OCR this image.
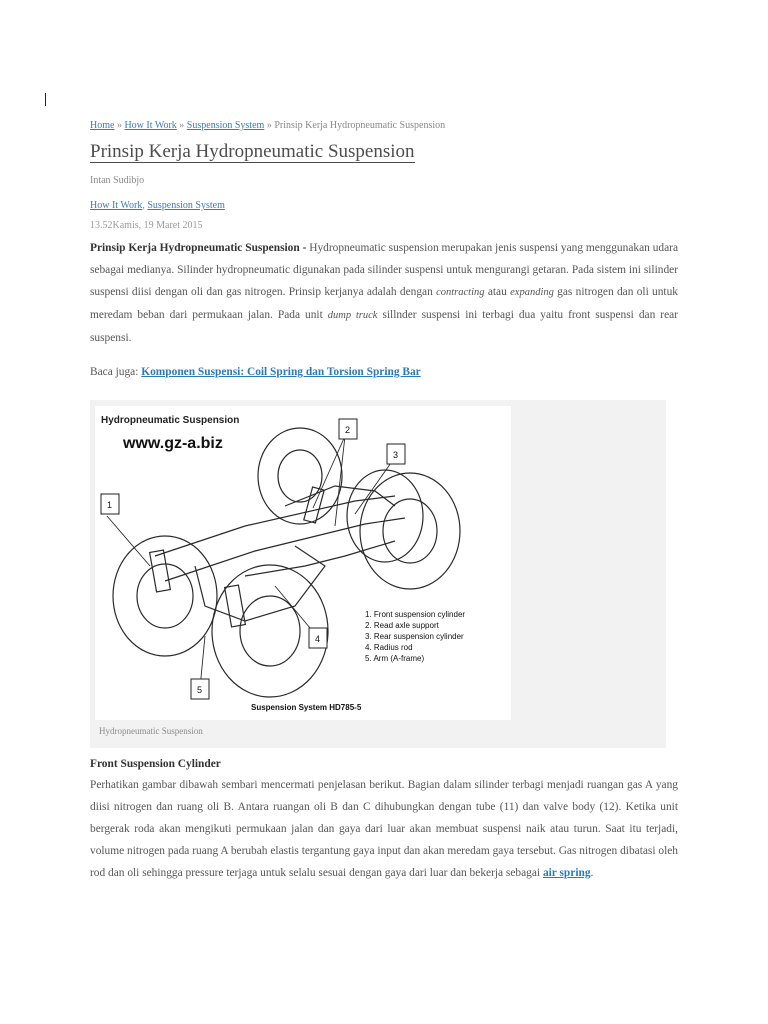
Home » How It Work » Suspension System » Prinsip Kerja Hydropneumatic Suspension
Prinsip Kerja Hydropneumatic Suspension
Intan Sudibjo
How It Work, Suspension System
13.52Kamis, 19 Maret 2015

Prinsip Kerja Hydropneumatic Suspension - Hydropneumatic suspension merupakan jenis suspensi yang menggunakan udara sebagai medianya. Silinder hydropneumatic digunakan pada silinder suspensi untuk mengurangi getaran. Pada sistem ini silinder suspensi diisi dengan oli dan gas nitrogen. Prinsip kerjanya adalah dengan contracting atau expanding gas nitrogen dan oli untuk meredam beban dari permukaan jalan. Pada unit dump truck sillnder suspensi ini terbagi dua yaitu front suspensi dan rear suspensi.

Baca juga: Komponen Suspensi: Coil Spring dan Torsion Spring Bar
Hydropneumatic Suspension
www.gz-a.biz
1
2
3
4
5
1. Front suspension cylinder
2. Read axle support
3. Rear suspension cylinder
4. Radius rod
5. Arm (A-frame)
Suspension System HD785-5
Hydropneumatic Suspension
Front Suspension Cylinder

Perhatikan gambar dibawah sembari mencermati penjelasan berikut. Bagian dalam silinder terbagi menjadi ruangan gas A yang diisi nitrogen dan ruang oli B. Antara ruangan oli B dan C dihubungkan dengan tube (11) dan valve body (12). Ketika unit bergerak roda akan mengikuti permukaan jalan dan gaya dari luar akan membuat suspensi naik atau turun. Saat itu terjadi, volume nitrogen pada ruang A berubah elastis tergantung gaya input dan akan meredam gaya tersebut. Gas nitrogen dibatasi oleh rod dan oli sehingga pressure terjaga untuk selalu sesuai dengan gaya dari luar dan bekerja sebagai air spring.
